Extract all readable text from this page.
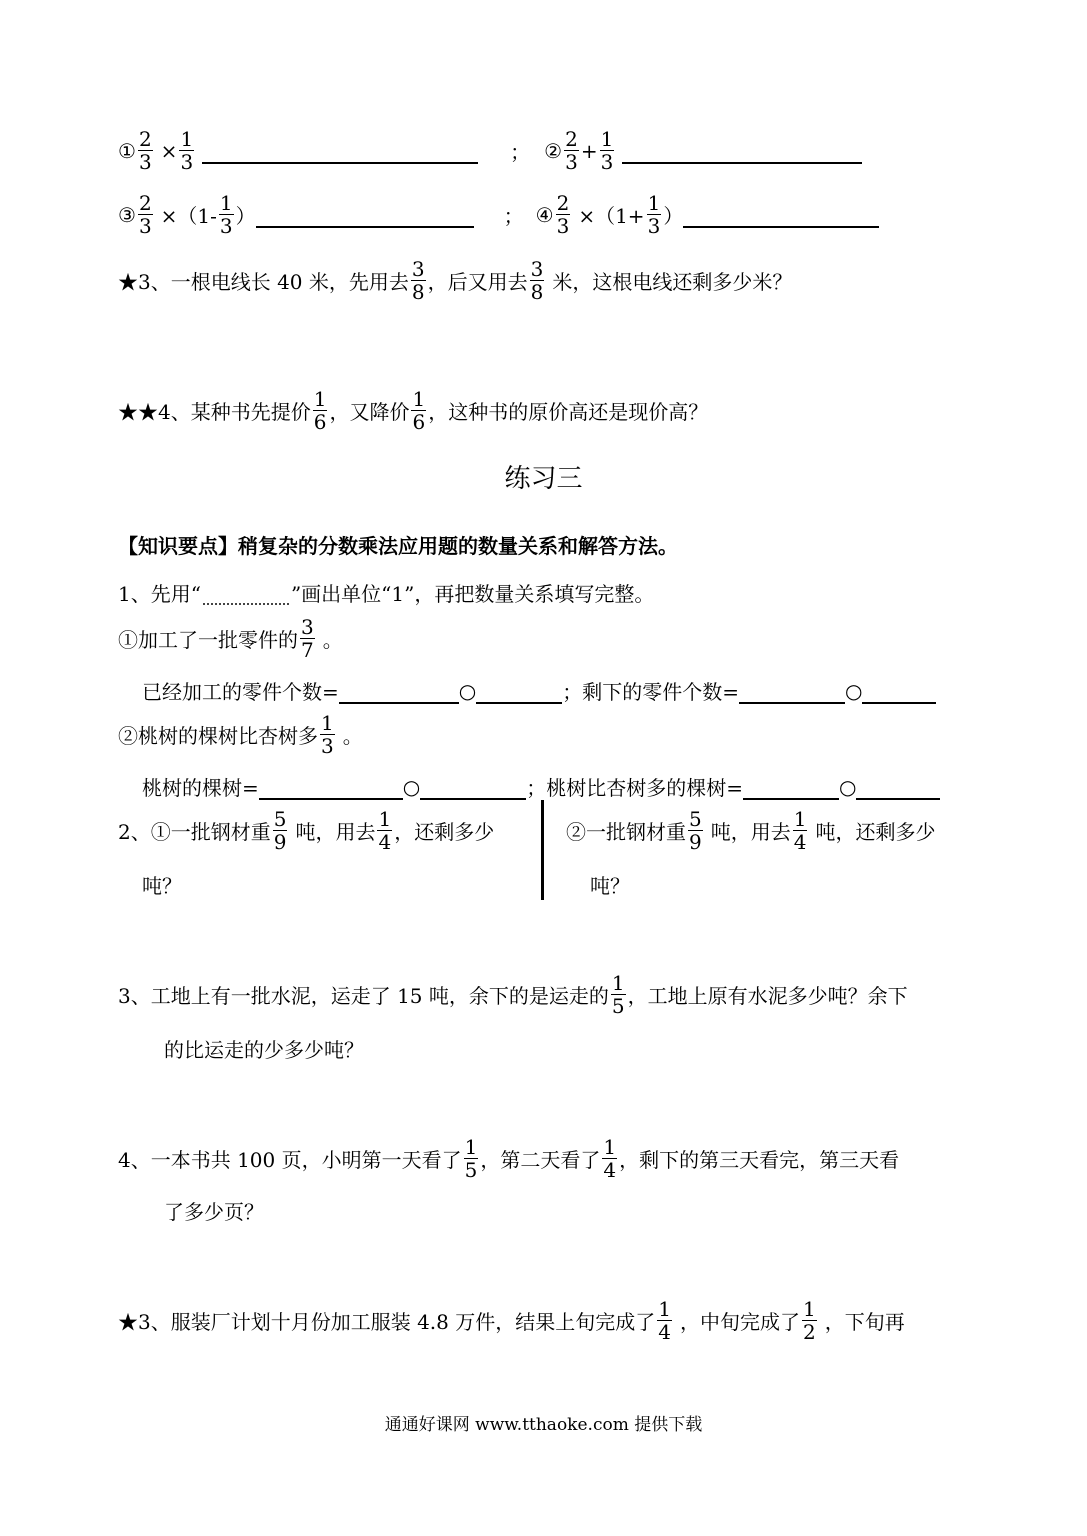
① $\frac{2}{3} \times \frac{1}{3}$	； ② $\frac{2}{3} + \frac{1}{3}$
③ $\frac{2}{3} \times(1- \frac{1}{3}$ ）	； ④ $\frac{2}{3} \times(1+ \frac{1}{3}$ ）
★3、一根电线长 40 米，先用去 $\frac{3}{8}$ ，后又用去 $\frac{3}{8}$ 米，这根电线还剩多少米？
★★4、某种书先提价 $\frac{1}{6}$ ，又降价 $\frac{1}{6}$ ，这种书的原价高还是现价高？
练习三
【知识要点】 稍复杂的分数乘法应用题的数量关系和解答方法。
1、先用“	”画出单位“1”，再把数量关系填写完整。
①加工了一批零件的 $\frac{3}{7}$ 。
已经加工的零件个数=	○	；剩下的零件个数=	○
②桃树的棵树比杏树多 $\frac{1}{3}$ 。
桃树的棵树=	○	；桃树比杏树多的棵树=	○
2、①一批钢材重 $\frac{5}{9}$ 吨，用去 $\frac{1}{4}$ ，还剩多少
吨？
②一批钢材重 $\frac{5}{9}$ 吨，用去 $\frac{1}{4}$ 吨，还剩多少
吨？
3、工地上有一批水泥，运走了 15 吨，余下的是运走的 $\frac{1}{5}$ ，工地上原有水泥多少吨？余下
的比运走的少多少吨？
4、一本书共 100 页，小明第一天看了 $\frac{1}{5}$ ，第二天看了 $\frac{1}{4}$ ，剩下的第三天看完，第三天看
了多少页？
★3、服装厂计划十月份加工服装 4.8 万件，结果上旬完成了 $\frac{1}{4}$ ，中旬完成了 $\frac{1}{2}$ ，下旬再
通通好课网 www.tthaoke.com 提供下载
